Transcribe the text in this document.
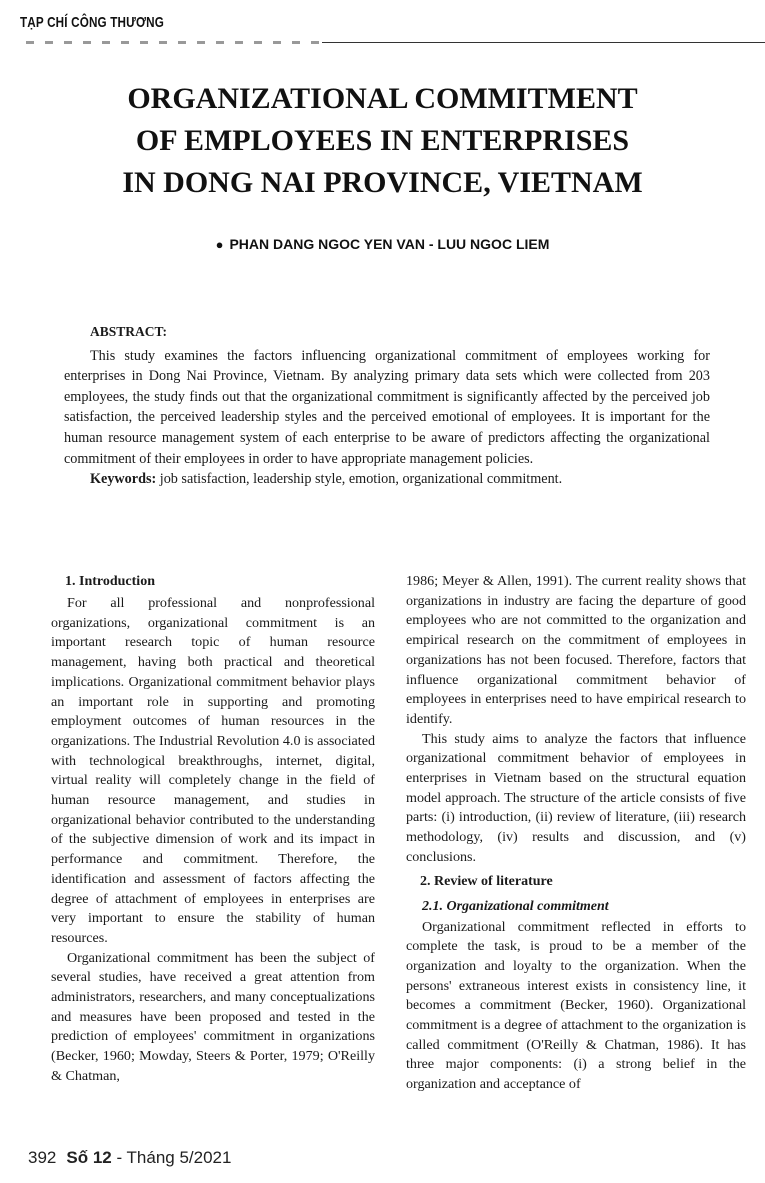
TẠP CHÍ CÔNG THƯƠNG
ORGANIZATIONAL COMMITMENT
OF EMPLOYEES IN ENTERPRISES
IN DONG NAI PROVINCE, VIETNAM
● PHAN DANG NGOC YEN VAN - LUU NGOC LIEM
ABSTRACT:

This study examines the factors influencing organizational commitment of employees working for enterprises in Dong Nai Province, Vietnam. By analyzing primary data sets which were collected from 203 employees, the study finds out that the organizational commitment is significantly affected by the perceived job satisfaction, the perceived leadership styles and the perceived emotional of employees. It is important for the human resource management system of each enterprise to be aware of predictors affecting the organizational commitment of their employees in order to have appropriate management policies.

Keywords: job satisfaction, leadership style, emotion, organizational commitment.

1. Introduction

For all professional and nonprofessional organizations, organizational commitment is an important research topic of human resource management, having both practical and theoretical implications. Organizational commitment behavior plays an important role in supporting and promoting employment outcomes of human resources in the organizations. The Industrial Revolution 4.0 is associated with technological breakthroughs, internet, digital, virtual reality will completely change in the field of human resource management, and studies in organizational behavior contributed to the understanding of the subjective dimension of work and its impact in performance and commitment. Therefore, the identification and assessment of factors affecting the degree of attachment of employees in enterprises are very important to ensure the stability of human resources.

Organizational commitment has been the subject of several studies, have received a great attention from administrators, researchers, and many conceptualizations and measures have been proposed and tested in the prediction of employees' commitment in organizations (Becker, 1960; Mowday, Steers & Porter, 1979; O'Reilly & Chatman,

1986; Meyer & Allen, 1991). The current reality shows that organizations in industry are facing the departure of good employees who are not committed to the organization and empirical research on the commitment of employees in organizations has not been focused. Therefore, factors that influence organizational commitment behavior of employees in enterprises need to have empirical research to identify.

This study aims to analyze the factors that influence organizational commitment behavior of employees in enterprises in Vietnam based on the structural equation model approach. The structure of the article consists of five parts: (i) introduction, (ii) review of literature, (iii) research methodology, (iv) results and discussion, and (v) conclusions.

2. Review of literature
2.1. Organizational commitment

Organizational commitment reflected in efforts to complete the task, is proud to be a member of the organization and loyalty to the organization. When the persons' extraneous interest exists in consistency line, it becomes a commitment (Becker, 1960). Organizational commitment is a degree of attachment to the organization is called commitment (O'Reilly & Chatman, 1986). It has three major components: (i) a strong belief in the organization and acceptance of

392 Số 12 - Tháng 5/2021
